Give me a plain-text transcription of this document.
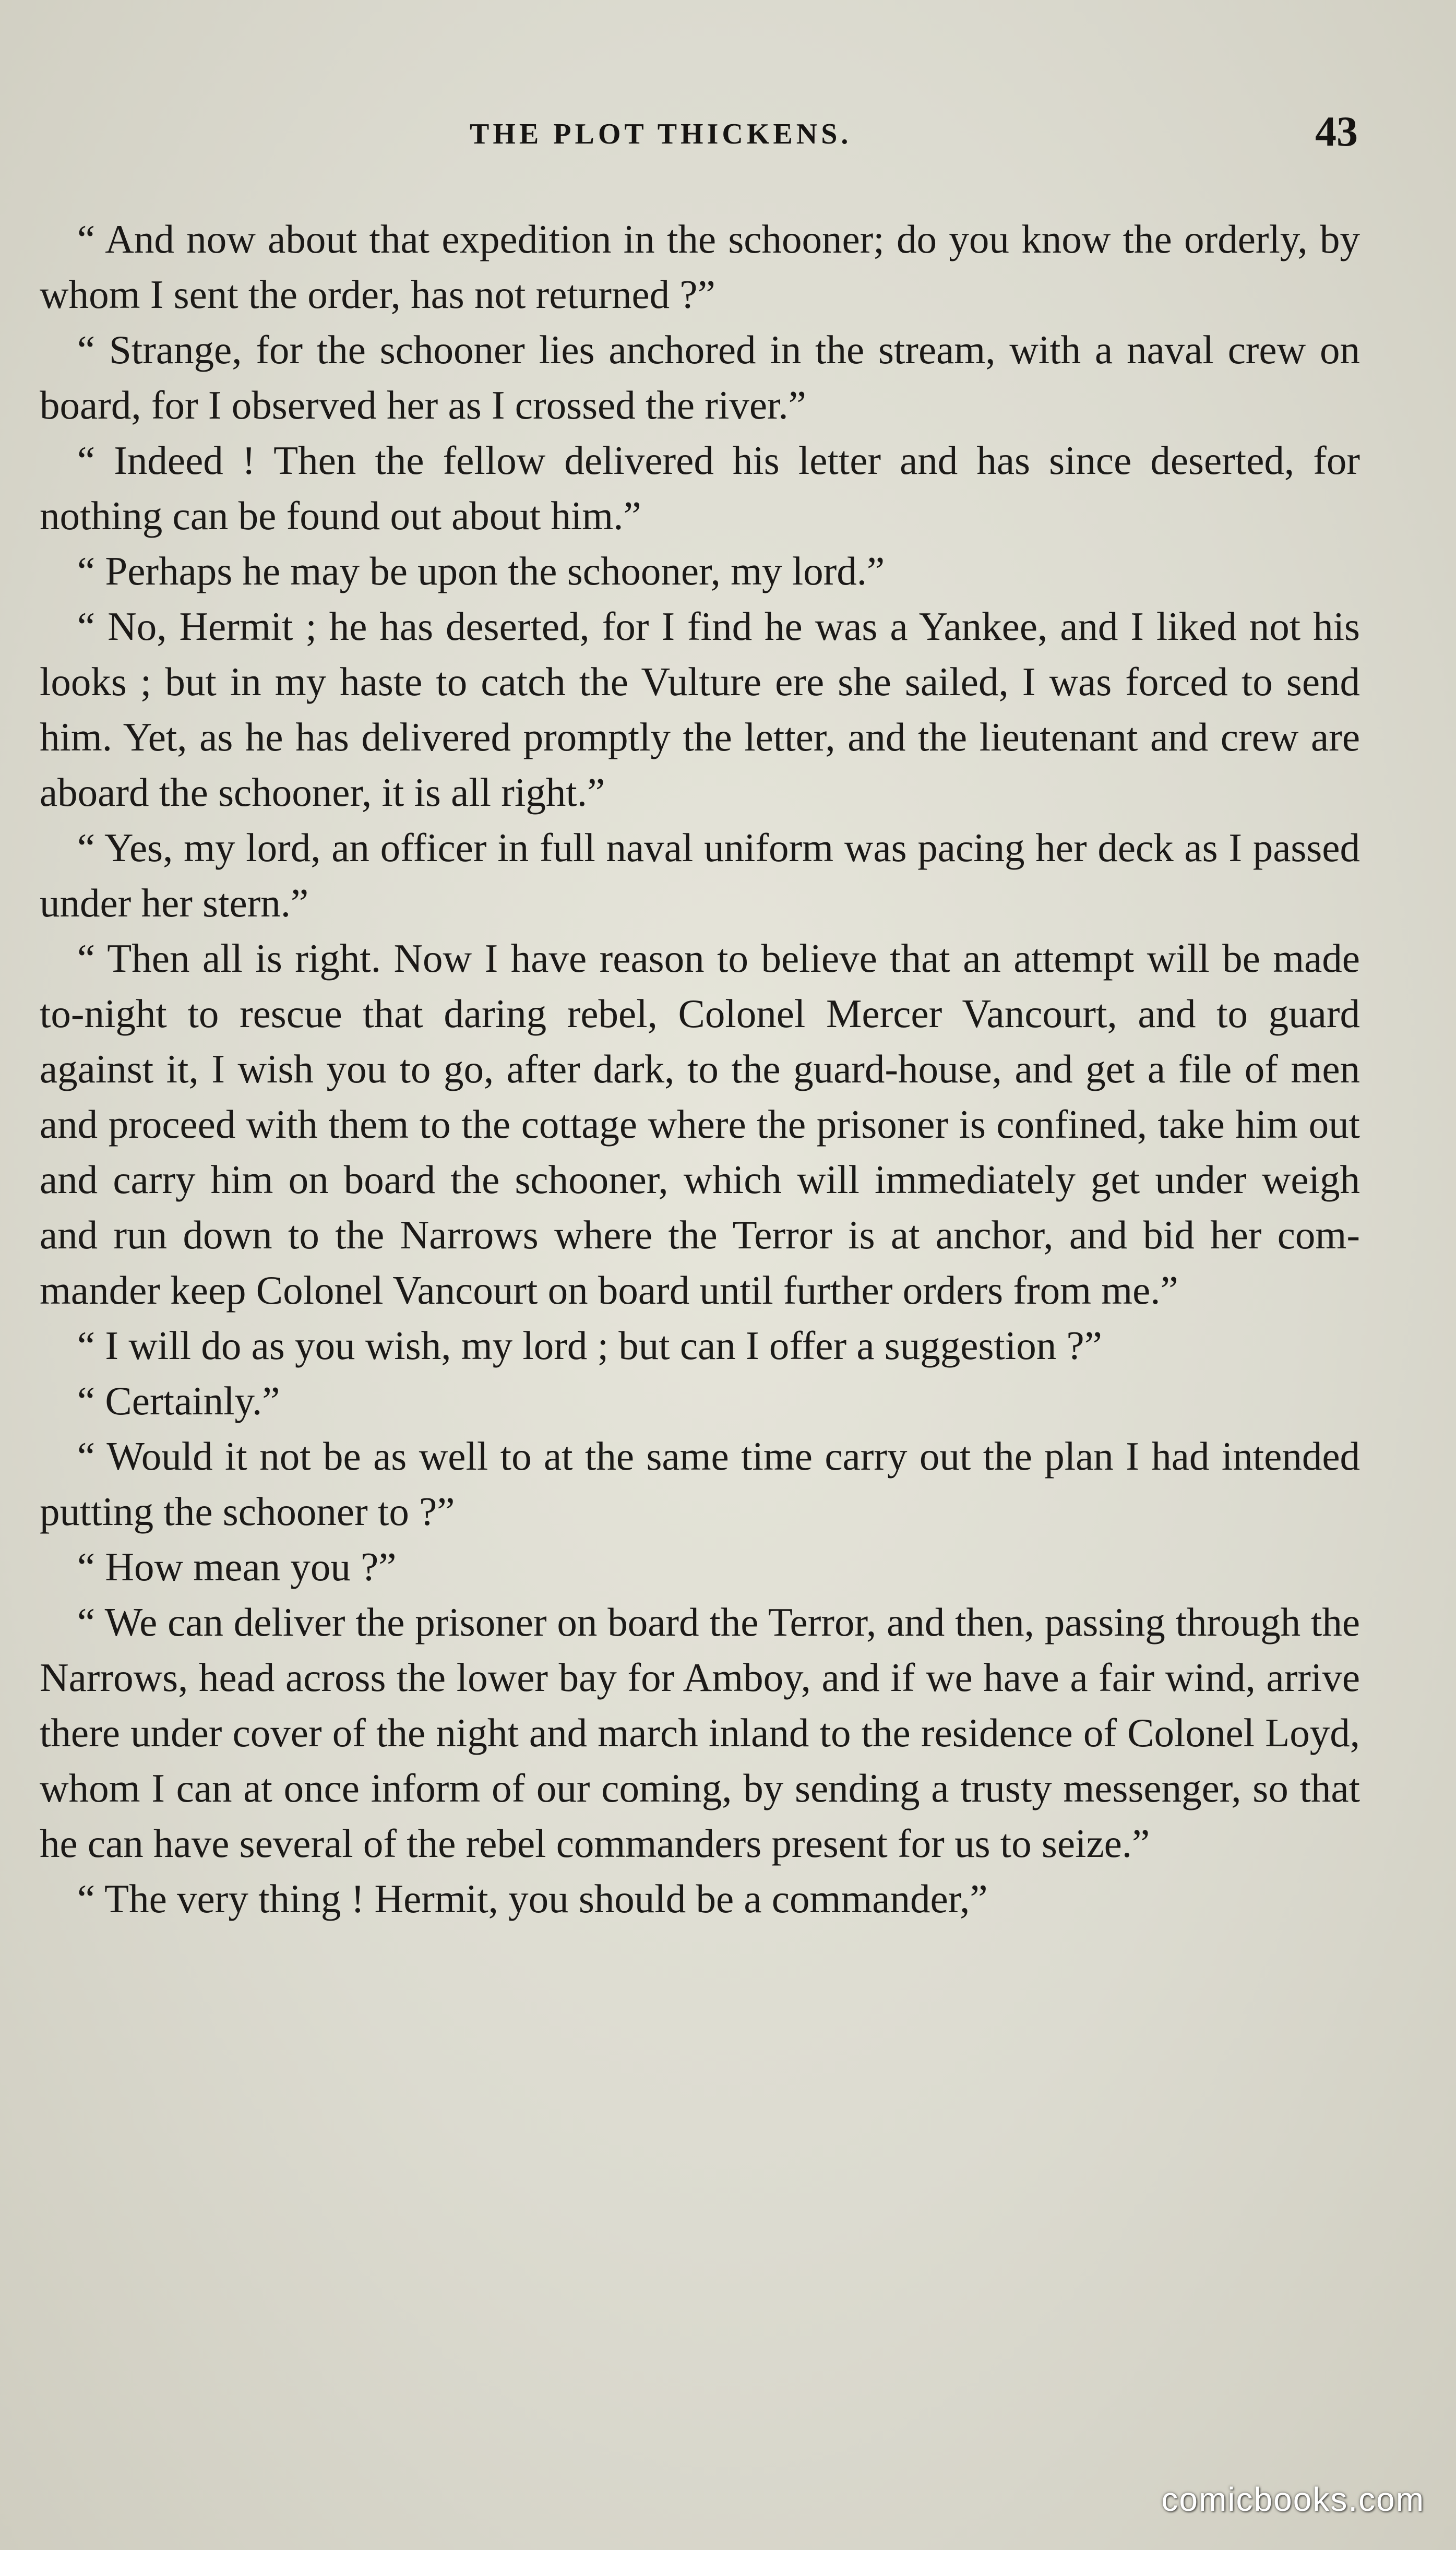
THE PLOT THICKENS.	43

“ And now about that expedition in the schooner; do you know the orderly, by whom I sent the order, has not returned ?”

“ Strange, for the schooner lies anchored in the stream, with a naval crew on board, for I observed her as I crossed the river.”

“ Indeed ! Then the fellow delivered his letter and has since deserted, for nothing can be found out about him.”

“ Perhaps he may be upon the schooner, my lord.”

“ No, Hermit ; he has deserted, for I find he was a Yankee, and I liked not his looks ; but in my haste to catch the Vulture ere she sailed, I was forced to send him. Yet, as he has delivered promptly the letter, and the lieutenant and crew are aboard the schooner, it is all right.”

“ Yes, my lord, an officer in full naval uniform was pacing her deck as I passed under her stern.”

“ Then all is right. Now I have reason to believe that an attempt will be made to-night to rescue that daring rebel, Colonel Mercer Vancourt, and to guard against it, I wish you to go, after dark, to the guard-house, and get a file of men and proceed with them to the cottage where the prisoner is confined, take him out and carry him on board the schooner, which will immediately get under weigh and run down to the Narrows where the Terror is at anchor, and bid her commander keep Colonel Vancourt on board until further orders from me.”

“ I will do as you wish, my lord ; but can I offer a suggestion ?”

“ Certainly.”

“ Would it not be as well to at the same time carry out the plan I had intended putting the schooner to ?”

“ How mean you ?”

“ We can deliver the prisoner on board the Terror, and then, passing through the Narrows, head across the lower bay for Amboy, and if we have a fair wind, arrive there under cover of the night and march inland to the residence of Colonel Loyd, whom I can at once inform of our coming, by sending a trusty messenger, so that he can have several of the rebel commanders present for us to seize.”

“ The very thing ! Hermit, you should be a commander,”

comicbooks.com
